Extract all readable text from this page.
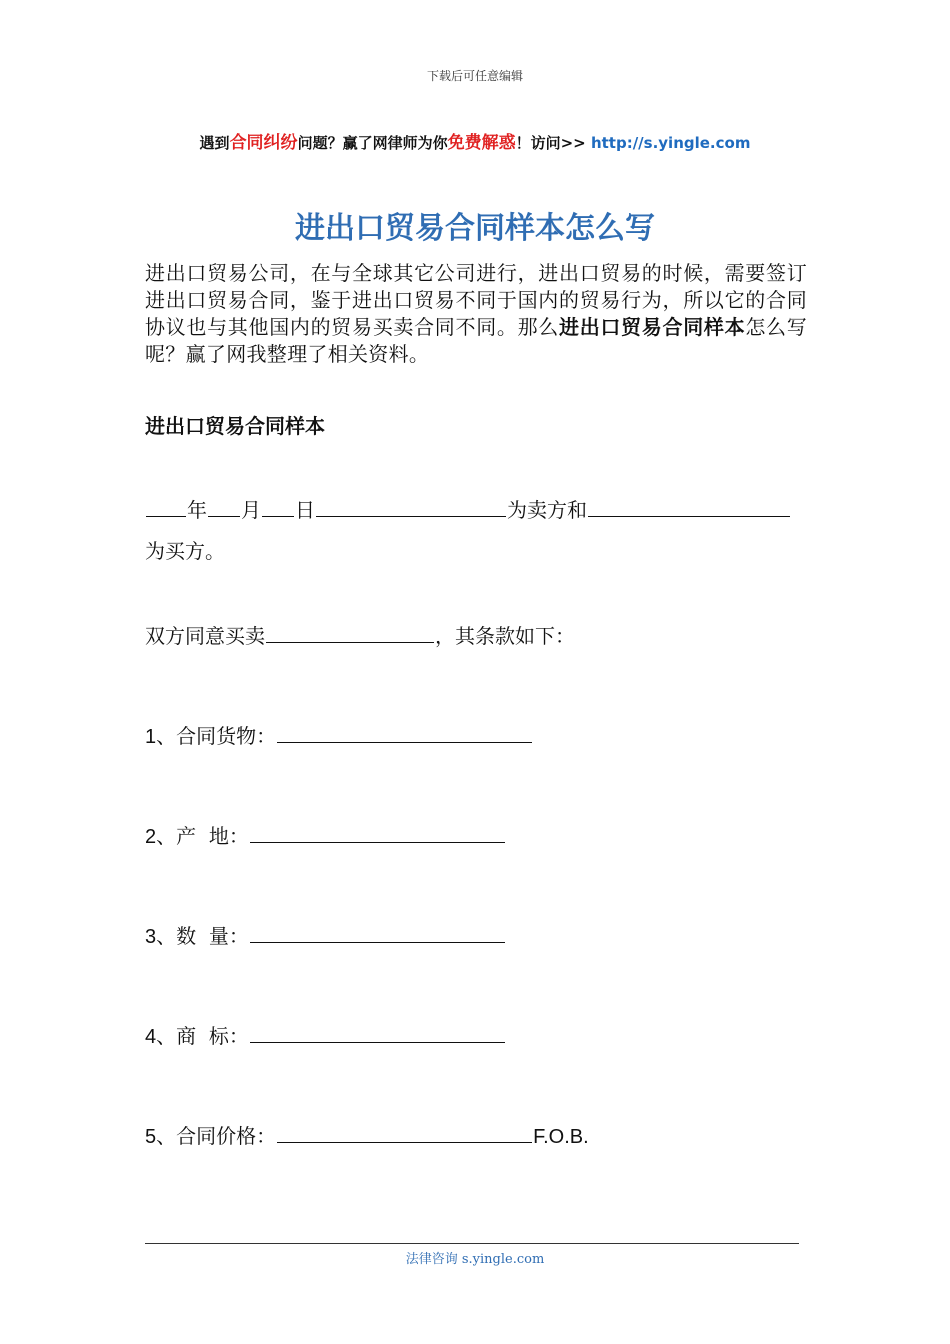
下载后可任意编辑
遇到合同纠纷问题？赢了网律师为你免费解惑！访问>> http://s.yingle.com
进出口贸易合同样本怎么写
进出口贸易公司，在与全球其它公司进行，进出口贸易的时候，需要签订进出口贸易合同，鉴于进出口贸易不同于国内的贸易行为，所以它的合同协议也与其他国内的贸易买卖合同不同。那么进出口贸易合同样本怎么写呢？赢了网我整理了相关资料。
进出口贸易合同样本
年 月 日	为卖方和
为买方。
双方同意买卖	，其条款如下：
1、合同货物：
2、产  地：
3、数  量：
4、商  标：
5、合同价格：	F.O.B.
法律咨询 s.yingle.com
